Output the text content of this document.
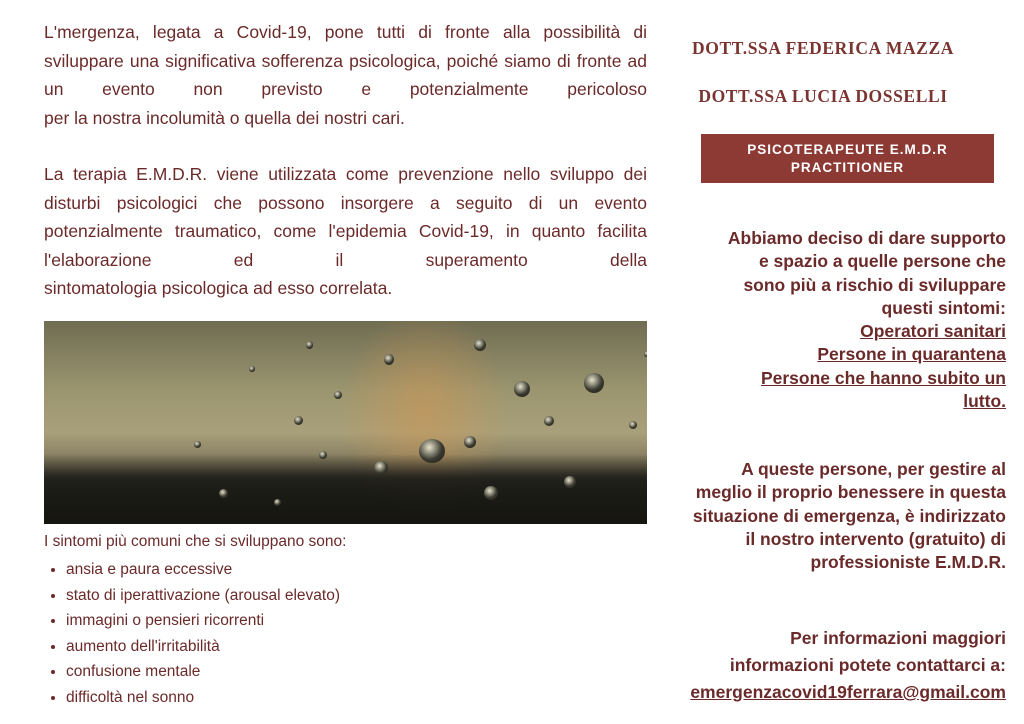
L'mergenza, legata a Covid-19, pone tutti di fronte alla possibilità di sviluppare una significativa sofferenza psicologica, poiché siamo di fronte ad un evento non previsto e potenzialmente pericoloso
per la nostra incolumità o quella dei nostri cari.

La terapia E.M.D.R. viene utilizzata come prevenzione nello sviluppo dei disturbi psicologici che possono insorgere a seguito di un evento potenzialmente traumatico, come l'epidemia Covid-19, in quanto facilita l'elaborazione ed il superamento della
sintomatologia psicologica ad esso correlata.

I sintomi più comuni che si sviluppano sono:

• ansia e paura eccessive
• stato di iperattivazione (arousal elevato)
• immagini o pensieri ricorrenti
• aumento dell'irritabilità
• confusione mentale
• difficoltà nel sonno
DOTT.SSA FEDERICA MAZZA
DOTT.SSA LUCIA DOSSELLI
PSICOTERAPEUTE E.M.D.R
PRACTITIONER
Abbiamo deciso di dare supporto e spazio a quelle persone che sono più a rischio di sviluppare questi sintomi:
Operatori sanitari
Persone in quarantena
Persone che hanno subito un lutto.
A queste persone, per gestire al meglio il proprio benessere in questa situazione di emergenza, è indirizzato il nostro intervento (gratuito) di professioniste E.M.D.R.
Per informazioni maggiori
informazioni potete contattarci a:
emergenzacovid19ferrara@gmail.com
